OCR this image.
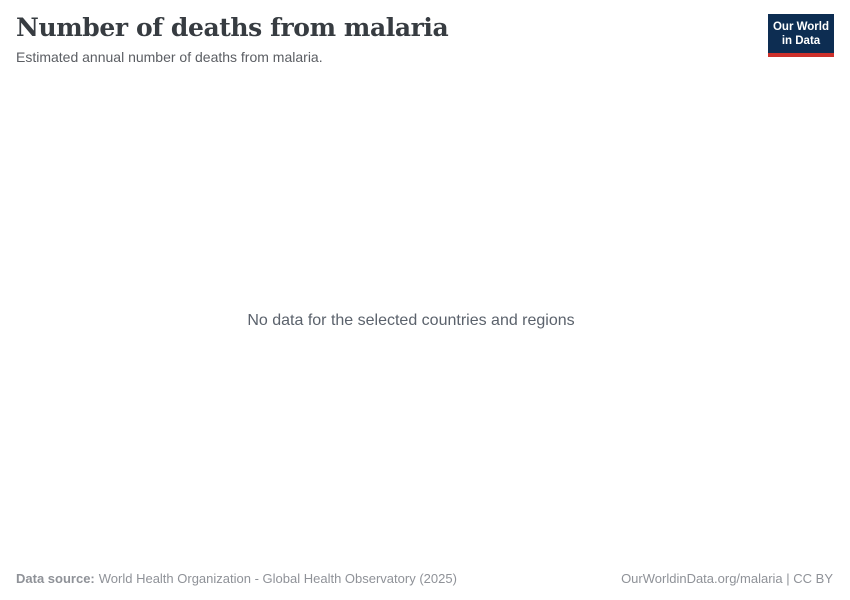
Number of deaths from malaria

Estimated annual number of deaths from malaria.

Our World
in Data
No data for the selected countries and regions
Data source: World Health Organization - Global Health Observatory (2025)	OurWorldinData.org/malaria | CC BY
